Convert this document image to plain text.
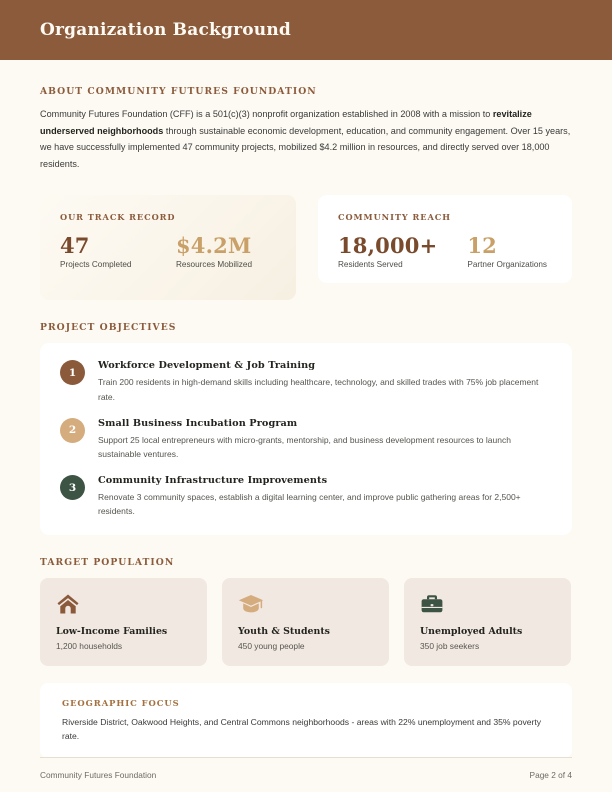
Organization Background
ABOUT COMMUNITY FUTURES FOUNDATION
Community Futures Foundation (CFF) is a 501(c)(3) nonprofit organization established in 2008 with a mission to revitalize underserved neighborhoods through sustainable economic development, education, and community engagement. Over 15 years, we have successfully implemented 47 community projects, mobilized $4.2 million in resources, and directly served over 18,000 residents.
OUR TRACK RECORD
47
Projects Completed
$4.2M
Resources Mobilized
COMMUNITY REACH
18,000+
Residents Served
12
Partner Organizations
PROJECT OBJECTIVES
1
Workforce Development & Job Training
Train 200 residents in high-demand skills including healthcare, technology, and skilled trades with 75% job placement rate.
2
Small Business Incubation Program
Support 25 local entrepreneurs with micro-grants, mentorship, and business development resources to launch sustainable ventures.
3
Community Infrastructure Improvements
Renovate 3 community spaces, establish a digital learning center, and improve public gathering areas for 2,500+ residents.
TARGET POPULATION
Low-Income Families
1,200 households
Youth & Students
450 young people
Unemployed Adults
350 job seekers
GEOGRAPHIC FOCUS
Riverside District, Oakwood Heights, and Central Commons neighborhoods - areas with 22% unemployment and 35% poverty rate.
Community Futures Foundation	Page 2 of 4
